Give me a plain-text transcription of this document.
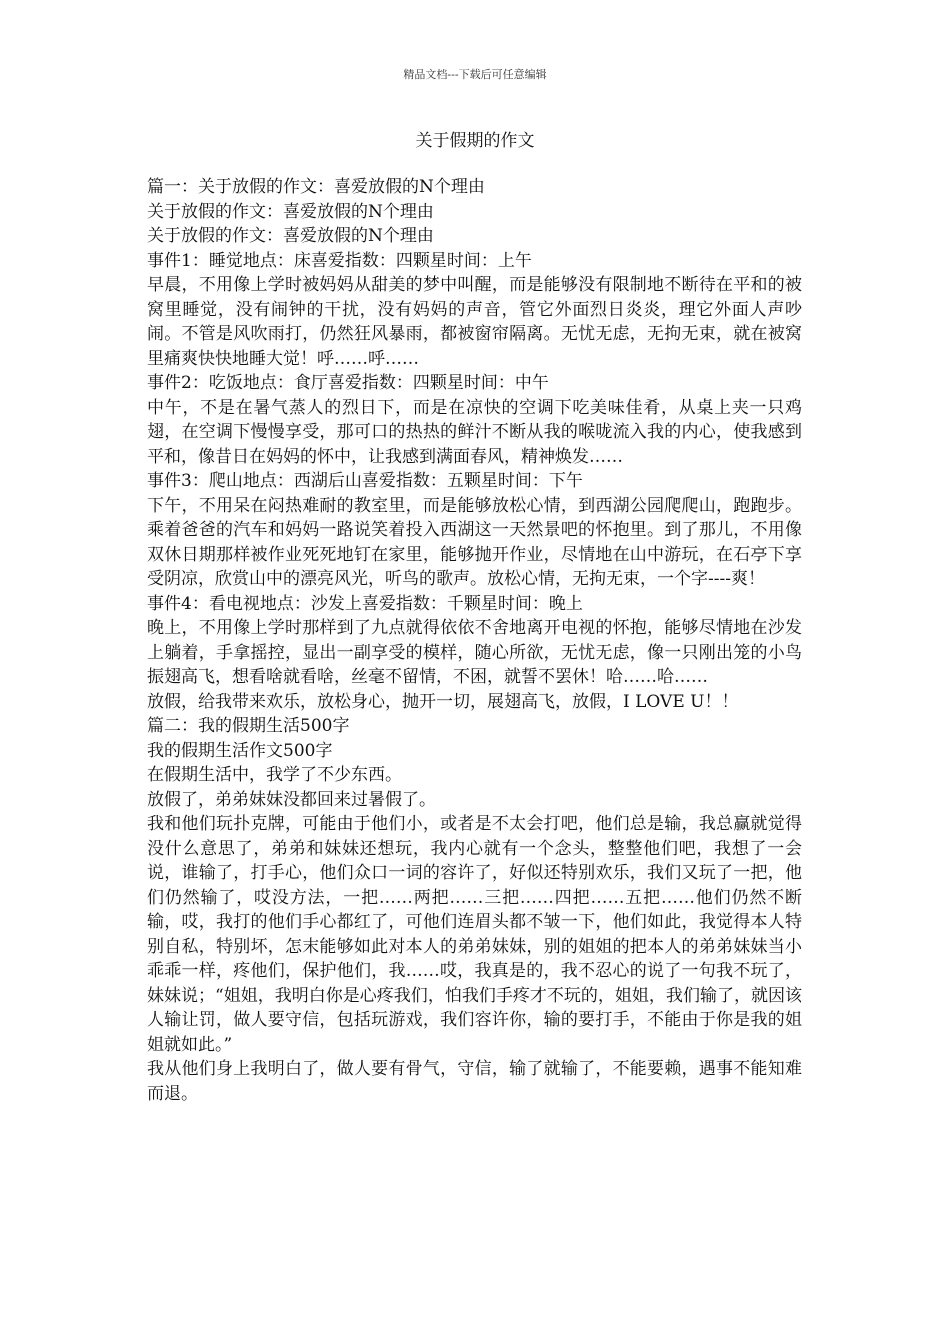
精品文档---下载后可任意编辑
关于假期的作文

篇一：关于放假的作文：喜爱放假的N个理由

关于放假的作文：喜爱放假的N个理由

关于放假的作文：喜爱放假的N个理由

事件1：睡觉地点：床喜爱指数：四颗星时间：上午

早晨，不用像上学时被妈妈从甜美的梦中叫醒，而是能够没有限制地不断待在平和的被窝里睡觉，没有闹钟的干扰，没有妈妈的声音，管它外面烈日炎炎，理它外面人声吵闹。不管是风吹雨打，仍然狂风暴雨，都被窗帘隔离。无忧无虑，无拘无束，就在被窝里痛爽快快地睡大觉！呼……呼……

事件2：吃饭地点：食厅喜爱指数：四颗星时间：中午

中午，不是在暑气蒸人的烈日下，而是在凉快的空调下吃美味佳肴，从桌上夹一只鸡翅，在空调下慢慢享受，那可口的热热的鲜汁不断从我的喉咙流入我的内心，使我感到平和，像昔日在妈妈的怀中，让我感到满面春风，精神焕发……

事件3：爬山地点：西湖后山喜爱指数：五颗星时间：下午

下午，不用呆在闷热难耐的教室里，而是能够放松心情，到西湖公园爬爬山，跑跑步。乘着爸爸的汽车和妈妈一路说笑着投入西湖这一天然景吧的怀抱里。到了那儿，不用像双休日期那样被作业死死地钉在家里，能够抛开作业，尽情地在山中游玩，在石亭下享受阴凉，欣赏山中的漂亮风光，听鸟的歌声。放松心情，无拘无束，一个字----爽！

事件4：看电视地点：沙发上喜爱指数：千颗星时间：晚上

晚上，不用像上学时那样到了九点就得依依不舍地离开电视的怀抱，能够尽情地在沙发上躺着，手拿摇控，显出一副享受的模样，随心所欲，无忧无虑，像一只刚出笼的小鸟振翅高飞，想看啥就看啥，丝毫不留情，不困，就誓不罢休！哈……哈……

放假，给我带来欢乐，放松身心，抛开一切，展翅高飞，放假，I LOVE U！！

篇二：我的假期生活500字

我的假期生活作文500字

在假期生活中，我学了不少东西。

放假了，弟弟妹妹没都回来过暑假了。

我和他们玩扑克牌，可能由于他们小，或者是不太会打吧，他们总是输，我总赢就觉得没什么意思了，弟弟和妹妹还想玩，我内心就有一个念头，整整他们吧，我想了一会说，谁输了，打手心，他们众口一词的容许了，好似还特别欢乐，我们又玩了一把，他们仍然输了，哎没方法，一把……两把……三把……四把……五把……他们仍然不断输，哎，我打的他们手心都红了，可他们连眉头都不皱一下，他们如此，我觉得本人特别自私，特别坏，怎末能够如此对本人的弟弟妹妹，别的姐姐的把本人的弟弟妹妹当小乖乖一样，疼他们，保护他们，我……哎，我真是的，我不忍心的说了一句我不玩了，妹妹说；“姐姐，我明白你是心疼我们，怕我们手疼才不玩的，姐姐，我们输了，就因该人输让罚，做人要守信，包括玩游戏，我们容许你，输的要打手，不能由于你是我的姐姐就如此。”

我从他们身上我明白了，做人要有骨气，守信，输了就输了，不能要赖，遇事不能知难而退。
